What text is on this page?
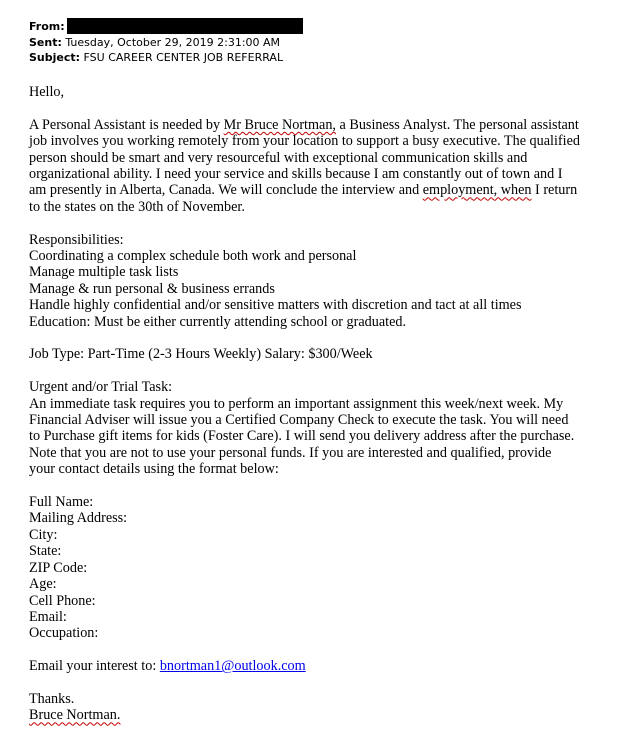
From:
Sent: Tuesday, October 29, 2019 2:31:00 AM
Subject: FSU CAREER CENTER JOB REFERRAL

Hello,

A Personal Assistant is needed by Mr Bruce Nortman, a Business Analyst. The personal assistant

job involves you working remotely from your location to support a busy executive. The qualified

person should be smart and very resourceful with exceptional communication skills and

organizational ability. I need your service and skills because I am constantly out of town and I

am presently in Alberta, Canada. We will conclude the interview and employment, when I return

to the states on the 30th of November.

Responsibilities:

Coordinating a complex schedule both work and personal

Manage multiple task lists

Manage & run personal & business errands

Handle highly confidential and/or sensitive matters with discretion and tact at all times

Education: Must be either currently attending school or graduated.

Job Type: Part-Time (2-3 Hours Weekly) Salary: $300/Week

Urgent and/or Trial Task:

An immediate task requires you to perform an important assignment this week/next week. My

Financial Adviser will issue you a Certified Company Check to execute the task. You will need

to Purchase gift items for kids (Foster Care). I will send you delivery address after the purchase.

Note that you are not to use your personal funds. If you are interested and qualified, provide

your contact details using the format below:

Full Name:

Mailing Address:

City:

State:

ZIP Code:

Age:

Cell Phone:

Email:

Occupation:

Email your interest to: bnortman1@outlook.com

Thanks.

Bruce Nortman.
